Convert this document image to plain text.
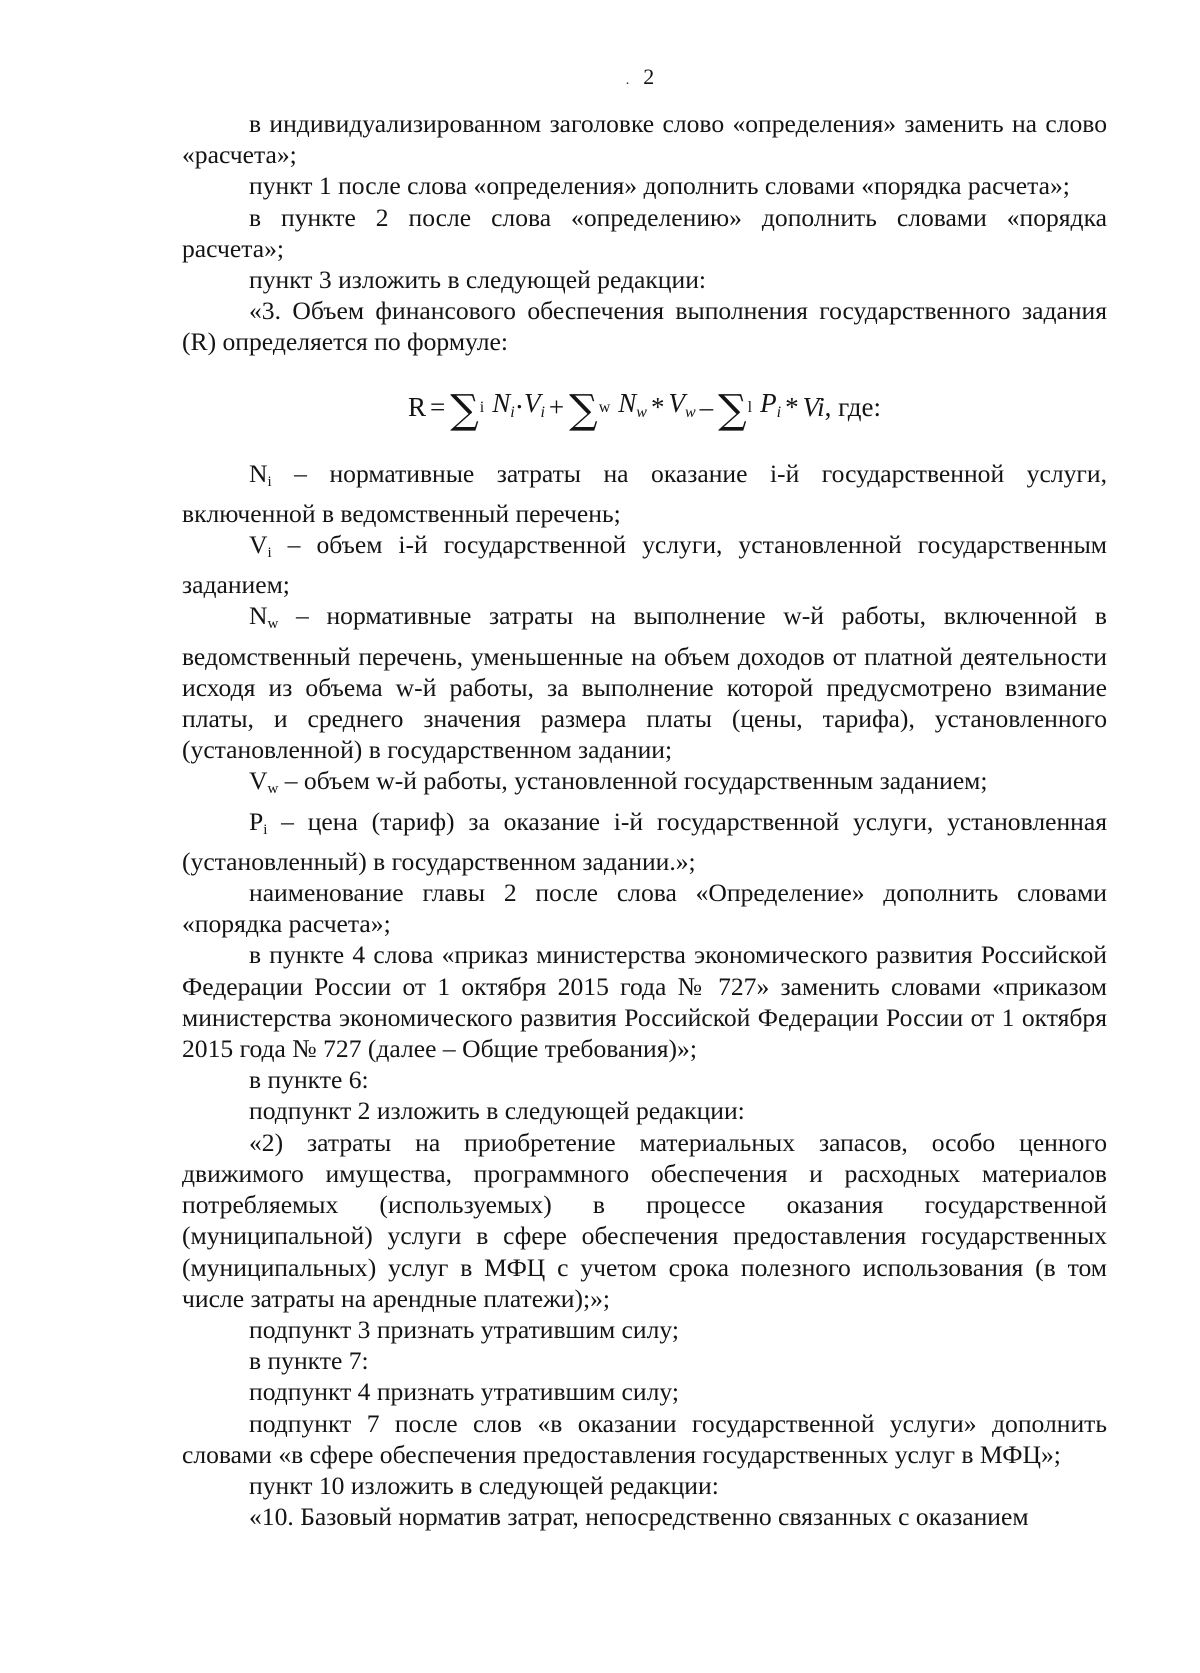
. 2

в индивидуализированном заголовке слово «определения» заменить на слово «расчета»;

пункт 1 после слова «определения» дополнить словами «порядка расчета»;

в пункте 2 после слова «определению» дополнить словами «порядка расчета»;

пункт 3 изложить в следующей редакции:

«3. Объем финансового обеспечения выполнения государственного задания (R) определяется по формуле:

R = ∑ i $N_i \cdot V_i$ + ∑ w $N_w * V_w$ – ∑ l $P_i$ * Vi , где:

$N_i$ – нормативные затраты на оказание i-й государственной услуги, включенной в ведомственный перечень;

$V_i$ – объем i-й государственной услуги, установленной государственным заданием;

$N_w$ – нормативные затраты на выполнение w-й работы, включенной в ведомственный перечень, уменьшенные на объем доходов от платной деятельности исходя из объема w-й работы, за выполнение которой предусмотрено взимание платы, и среднего значения размера платы (цены, тарифа), установленного (установленной) в государственном задании;

$V_w$ – объем w-й работы, установленной государственным заданием;

$P_i$ – цена (тариф) за оказание i-й государственной услуги, установленная (установленный) в государственном задании.»;

наименование главы 2 после слова «Определение» дополнить словами «порядка расчета»;

в пункте 4 слова «приказ министерства экономического развития Российской Федерации России от 1 октября 2015 года № 727» заменить словами «приказом министерства экономического развития Российской Федерации России от 1 октября 2015 года № 727 (далее – Общие требования)»;

в пункте 6:

подпункт 2 изложить в следующей редакции:

«2) затраты на приобретение материальных запасов, особо ценного движимого имущества, программного обеспечения и расходных материалов потребляемых (используемых) в процессе оказания государственной (муниципальной) услуги в сфере обеспечения предоставления государственных (муниципальных) услуг в МФЦ с учетом срока полезного использования (в том числе затраты на арендные платежи);»;

подпункт 3 признать утратившим силу;

в пункте 7:

подпункт 4 признать утратившим силу;

подпункт 7 после слов «в оказании государственной услуги» дополнить словами «в сфере обеспечения предоставления государственных услуг в МФЦ»;

пункт 10 изложить в следующей редакции:

«10. Базовый норматив затрат, непосредственно связанных с оказанием
